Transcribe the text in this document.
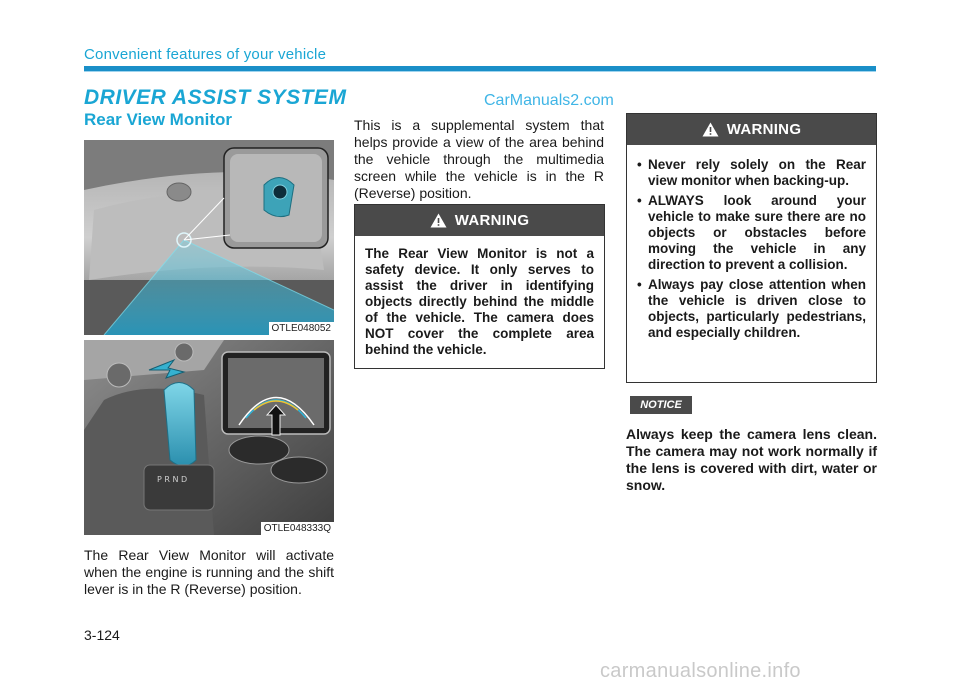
Convenient features of your vehicle
DRIVER ASSIST SYSTEM	CarManuals2.com
Rear View Monitor
OTLE048052
P R N D
OTLE048333Q
The Rear View Monitor will activate when the engine is running and the shift lever is in the R (Reverse) position.
This is a supplemental system that helps provide a view of the area behind the vehicle through the multimedia screen while the vehicle is in the R (Reverse) position.
WARNING
The Rear View Monitor is not a safety device. It only serves to assist the driver in identifying objects directly behind the middle of the vehicle. The camera does NOT cover the complete area behind the vehicle.
WARNING
• Never rely solely on the Rear view monitor when backing-up.
• ALWAYS look around your vehicle to make sure there are no objects or obstacles before moving the vehicle in any direction to prevent a collision.
• Always pay close attention when the vehicle is driven close to objects, particularly pedestrians, and especially children.
NOTICE
Always keep the camera lens clean. The camera may not work normally if the lens is covered with dirt, water or snow.
3-124
carmanualsonline.info
